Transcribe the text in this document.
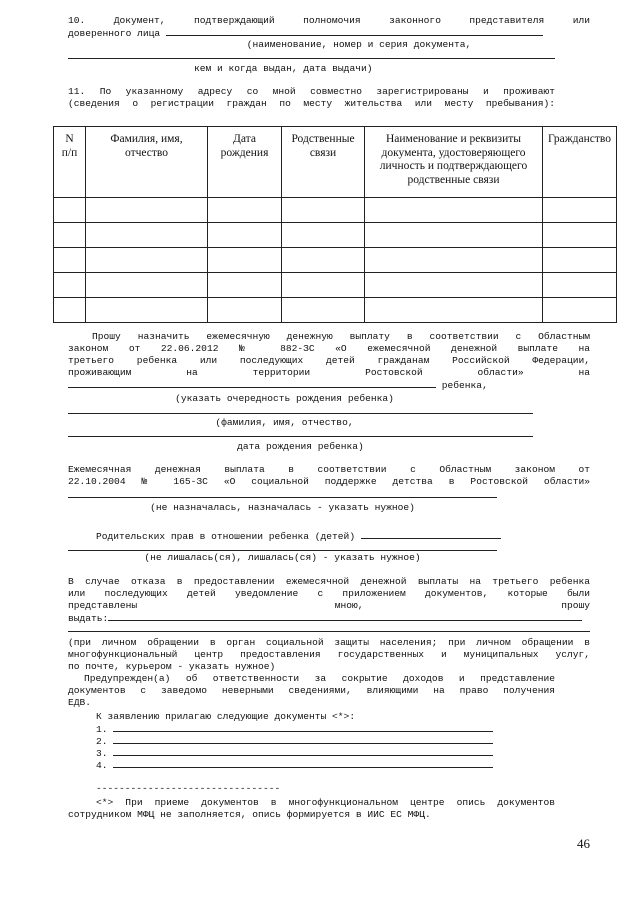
10. Документ, подтверждающий полномочия законного представителя или
доверенного лица
(наименование, номер и серия документа,
кем и когда выдан, дата выдачи)
11. По указанному адресу со мной совместно зарегистрированы и проживают
(сведения о регистрации граждан по месту жительства или месту пребывания):
N п/п	Фамилия, имя, отчество	Дата рождения	Родственные связи	Наименование и реквизиты документа, удостоверяющего личность и подтверждающего родственные связи	Гражданство

Прошу назначить ежемесячную денежную выплату в соответствии с Областным
законом от 22.06.2012 № 882-ЗС «О ежемесячной денежной выплате на
третьего ребенка или последующих детей гражданам Российской Федерации,
проживающим на территории Ростовской области» на
ребенка,
(указать очередность рождения ребенка)
(фамилия, имя, отчество,
дата рождения ребенка)
Ежемесячная денежная выплата в соответствии с Областным законом от
22.10.2004 № 165-ЗС «О социальной поддержке детства в Ростовской области»
(не назначалась, назначалась - указать нужное)
Родительских прав в отношении ребенка (детей)
(не лишалась(ся), лишалась(ся) - указать нужное)
В случае отказа в предоставлении ежемесячной денежной выплаты на третьего ребенка
или последующих детей уведомление с приложением документов, которые были
представлены мною, прошу
выдать:
(при личном обращении в орган социальной защиты населения; при личном обращении в
многофункциональный центр предоставления государственных и муниципальных услуг,
по почте, курьером - указать нужное)
Предупрежден(а) об ответственности за сокрытие доходов и представление
документов с заведомо неверными сведениями, влияющими на право получения
ЕДВ.
К заявлению прилагаю следующие документы <*>:
1.
2.
3.
4.
--------------------------------
<*> При приеме документов в многофункциональном центре опись документов
сотрудником МФЦ не заполняется, опись формируется в ИИС ЕС МФЦ.
46
